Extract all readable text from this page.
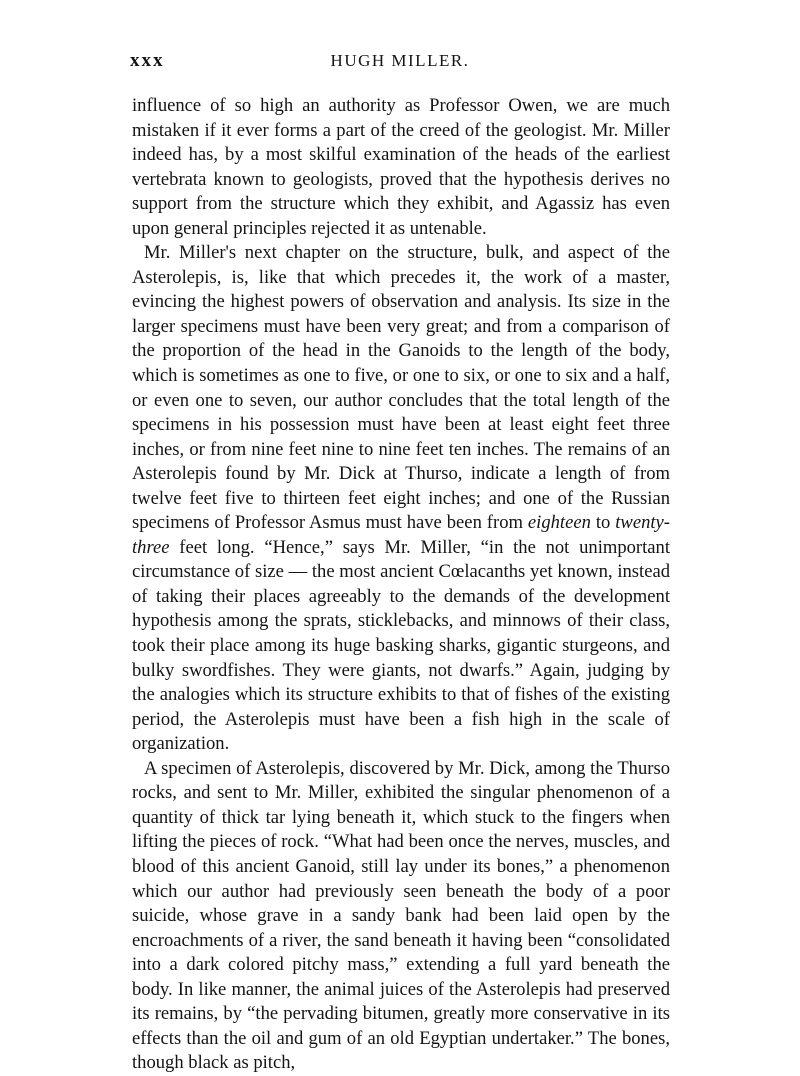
xxx	HUGH MILLER.

influence of so high an authority as Professor Owen, we are much mistaken if it ever forms a part of the creed of the geologist. Mr. Miller indeed has, by a most skilful examination of the heads of the earliest vertebrata known to geologists, proved that the hypothesis derives no support from the structure which they exhibit, and Agassiz has even upon general principles rejected it as untenable.

Mr. Miller's next chapter on the structure, bulk, and aspect of the Asterolepis, is, like that which precedes it, the work of a master, evincing the highest powers of observation and analysis. Its size in the larger specimens must have been very great; and from a comparison of the proportion of the head in the Ganoids to the length of the body, which is sometimes as one to five, or one to six, or one to six and a half, or even one to seven, our author concludes that the total length of the specimens in his possession must have been at least eight feet three inches, or from nine feet nine to nine feet ten inches. The remains of an Asterolepis found by Mr. Dick at Thurso, indicate a length of from twelve feet five to thirteen feet eight inches; and one of the Russian specimens of Professor Asmus must have been from eighteen to twenty-three feet long. “Hence,” says Mr. Miller, “in the not unimportant circumstance of size — the most ancient Cœlacanths yet known, instead of taking their places agreeably to the demands of the development hypothesis among the sprats, sticklebacks, and minnows of their class, took their place among its huge basking sharks, gigantic sturgeons, and bulky swordfishes. They were giants, not dwarfs.” Again, judging by the analogies which its structure exhibits to that of fishes of the existing period, the Asterolepis must have been a fish high in the scale of organization.

A specimen of Asterolepis, discovered by Mr. Dick, among the Thurso rocks, and sent to Mr. Miller, exhibited the singular phenomenon of a quantity of thick tar lying beneath it, which stuck to the fingers when lifting the pieces of rock. “What had been once the nerves, muscles, and blood of this ancient Ganoid, still lay under its bones,” a phenomenon which our author had previously seen beneath the body of a poor suicide, whose grave in a sandy bank had been laid open by the encroachments of a river, the sand beneath it having been “consolidated into a dark colored pitchy mass,” extending a full yard beneath the body. In like manner, the animal juices of the Asterolepis had preserved its remains, by “the pervading bitumen, greatly more conservative in its effects than the oil and gum of an old Egyptian undertaker.” The bones, though black as pitch,
